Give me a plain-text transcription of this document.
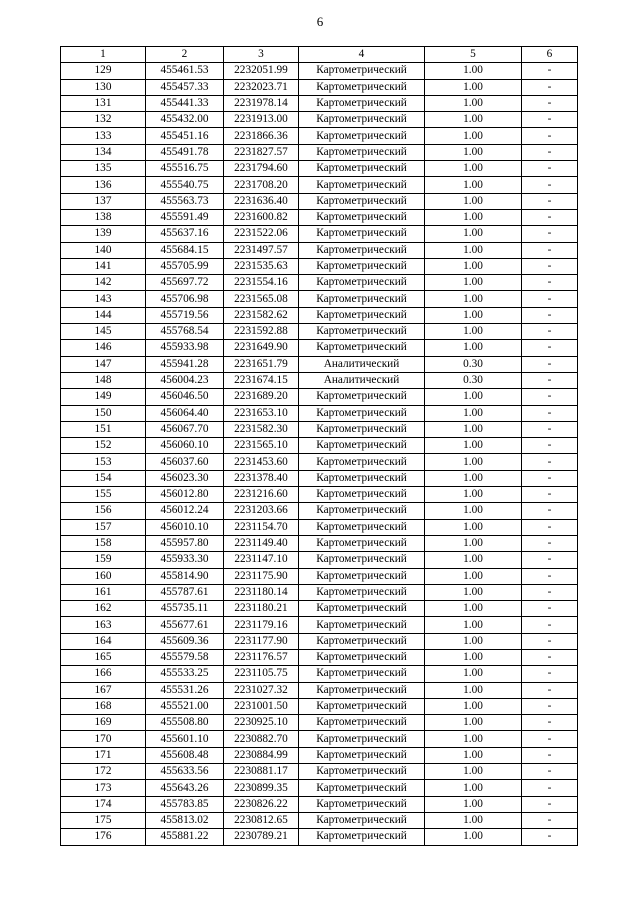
6
1	2	3	4	5	6
129	455461.53	2232051.99	Картометрический	1.00	-
130	455457.33	2232023.71	Картометрический	1.00	-
131	455441.33	2231978.14	Картометрический	1.00	-
132	455432.00	2231913.00	Картометрический	1.00	-
133	455451.16	2231866.36	Картометрический	1.00	-
134	455491.78	2231827.57	Картометрический	1.00	-
135	455516.75	2231794.60	Картометрический	1.00	-
136	455540.75	2231708.20	Картометрический	1.00	-
137	455563.73	2231636.40	Картометрический	1.00	-
138	455591.49	2231600.82	Картометрический	1.00	-
139	455637.16	2231522.06	Картометрический	1.00	-
140	455684.15	2231497.57	Картометрический	1.00	-
141	455705.99	2231535.63	Картометрический	1.00	-
142	455697.72	2231554.16	Картометрический	1.00	-
143	455706.98	2231565.08	Картометрический	1.00	-
144	455719.56	2231582.62	Картометрический	1.00	-
145	455768.54	2231592.88	Картометрический	1.00	-
146	455933.98	2231649.90	Картометрический	1.00	-
147	455941.28	2231651.79	Аналитический	0.30	-
148	456004.23	2231674.15	Аналитический	0.30	-
149	456046.50	2231689.20	Картометрический	1.00	-
150	456064.40	2231653.10	Картометрический	1.00	-
151	456067.70	2231582.30	Картометрический	1.00	-
152	456060.10	2231565.10	Картометрический	1.00	-
153	456037.60	2231453.60	Картометрический	1.00	-
154	456023.30	2231378.40	Картометрический	1.00	-
155	456012.80	2231216.60	Картометрический	1.00	-
156	456012.24	2231203.66	Картометрический	1.00	-
157	456010.10	2231154.70	Картометрический	1.00	-
158	455957.80	2231149.40	Картометрический	1.00	-
159	455933.30	2231147.10	Картометрический	1.00	-
160	455814.90	2231175.90	Картометрический	1.00	-
161	455787.61	2231180.14	Картометрический	1.00	-
162	455735.11	2231180.21	Картометрический	1.00	-
163	455677.61	2231179.16	Картометрический	1.00	-
164	455609.36	2231177.90	Картометрический	1.00	-
165	455579.58	2231176.57	Картометрический	1.00	-
166	455533.25	2231105.75	Картометрический	1.00	-
167	455531.26	2231027.32	Картометрический	1.00	-
168	455521.00	2231001.50	Картометрический	1.00	-
169	455508.80	2230925.10	Картометрический	1.00	-
170	455601.10	2230882.70	Картометрический	1.00	-
171	455608.48	2230884.99	Картометрический	1.00	-
172	455633.56	2230881.17	Картометрический	1.00	-
173	455643.26	2230899.35	Картометрический	1.00	-
174	455783.85	2230826.22	Картометрический	1.00	-
175	455813.02	2230812.65	Картометрический	1.00	-
176	455881.22	2230789.21	Картометрический	1.00	-
